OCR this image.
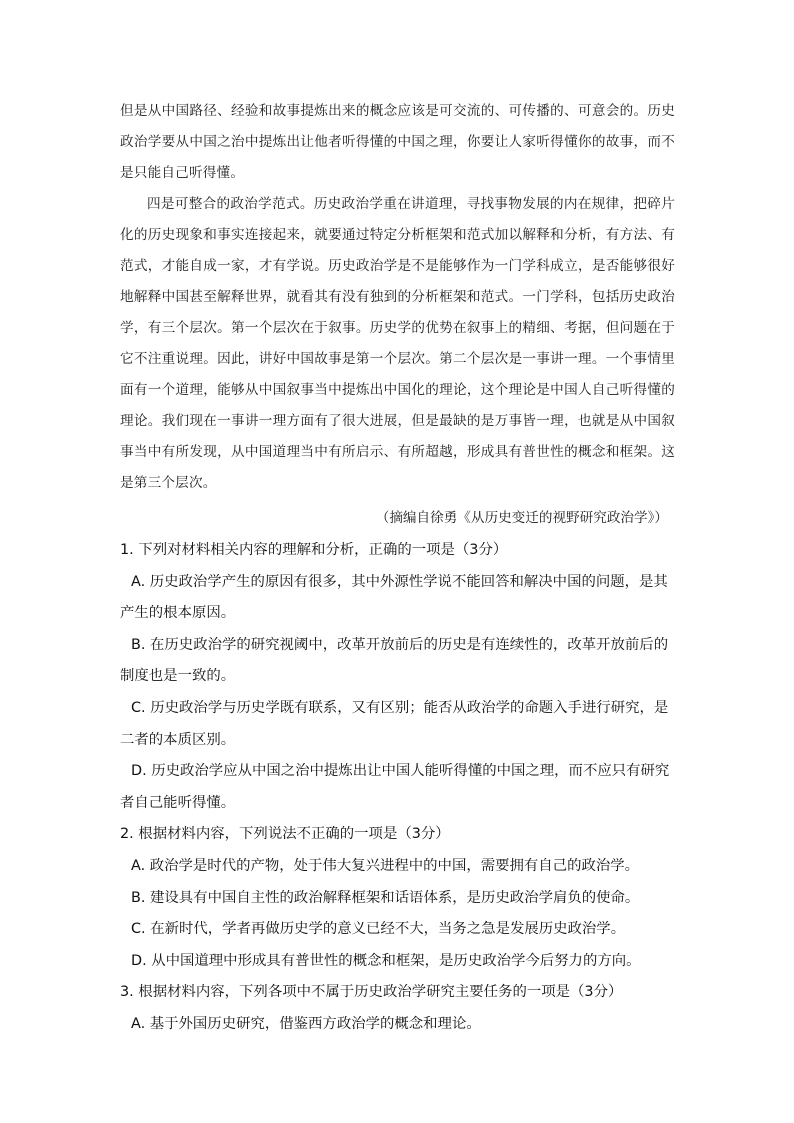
但是从中国路径、经验和故事提炼出来的概念应该是可交流的、可传播的、可意会的。历史政治学要从中国之治中提炼出让他者听得懂的中国之理，你要让人家听得懂你的故事，而不是只能自己听得懂。

四是可整合的政治学范式。历史政治学重在讲道理，寻找事物发展的内在规律，把碎片化的历史现象和事实连接起来，就要通过特定分析框架和范式加以解释和分析，有方法、有范式，才能自成一家，才有学说。历史政治学是不是能够作为一门学科成立，是否能够很好地解释中国甚至解释世界，就看其有没有独到的分析框架和范式。一门学科，包括历史政治学，有三个层次。第一个层次在于叙事。历史学的优势在叙事上的精细、考据，但问题在于它不注重说理。因此，讲好中国故事是第一个层次。第二个层次是一事讲一理。一个事情里面有一个道理，能够从中国叙事当中提炼出中国化的理论，这个理论是中国人自己听得懂的理论。我们现在一事讲一理方面有了很大进展，但是最缺的是万事皆一理，也就是从中国叙事当中有所发现，从中国道理当中有所启示、有所超越，形成具有普世性的概念和框架。这是第三个层次。

（摘编自徐勇《从历史变迁的视野研究政治学》）

1. 下列对材料相关内容的理解和分析，正确的一项是（3分）

A. 历史政治学产生的原因有很多，其中外源性学说不能回答和解决中国的问题，是其产生的根本原因。

B. 在历史政治学的研究视阈中，改革开放前后的历史是有连续性的，改革开放前后的制度也是一致的。

C. 历史政治学与历史学既有联系，又有区别；能否从政治学的命题入手进行研究，是二者的本质区别。

D. 历史政治学应从中国之治中提炼出让中国人能听得懂的中国之理，而不应只有研究者自己能听得懂。

2. 根据材料内容，下列说法不正确的一项是（3分）

A. 政治学是时代的产物，处于伟大复兴进程中的中国，需要拥有自己的政治学。

B. 建设具有中国自主性的政治解释框架和话语体系，是历史政治学肩负的使命。

C. 在新时代，学者再做历史学的意义已经不大，当务之急是发展历史政治学。

D. 从中国道理中形成具有普世性的概念和框架，是历史政治学今后努力的方向。

3. 根据材料内容，下列各项中不属于历史政治学研究主要任务的一项是（3分）

A. 基于外国历史研究，借鉴西方政治学的概念和理论。
